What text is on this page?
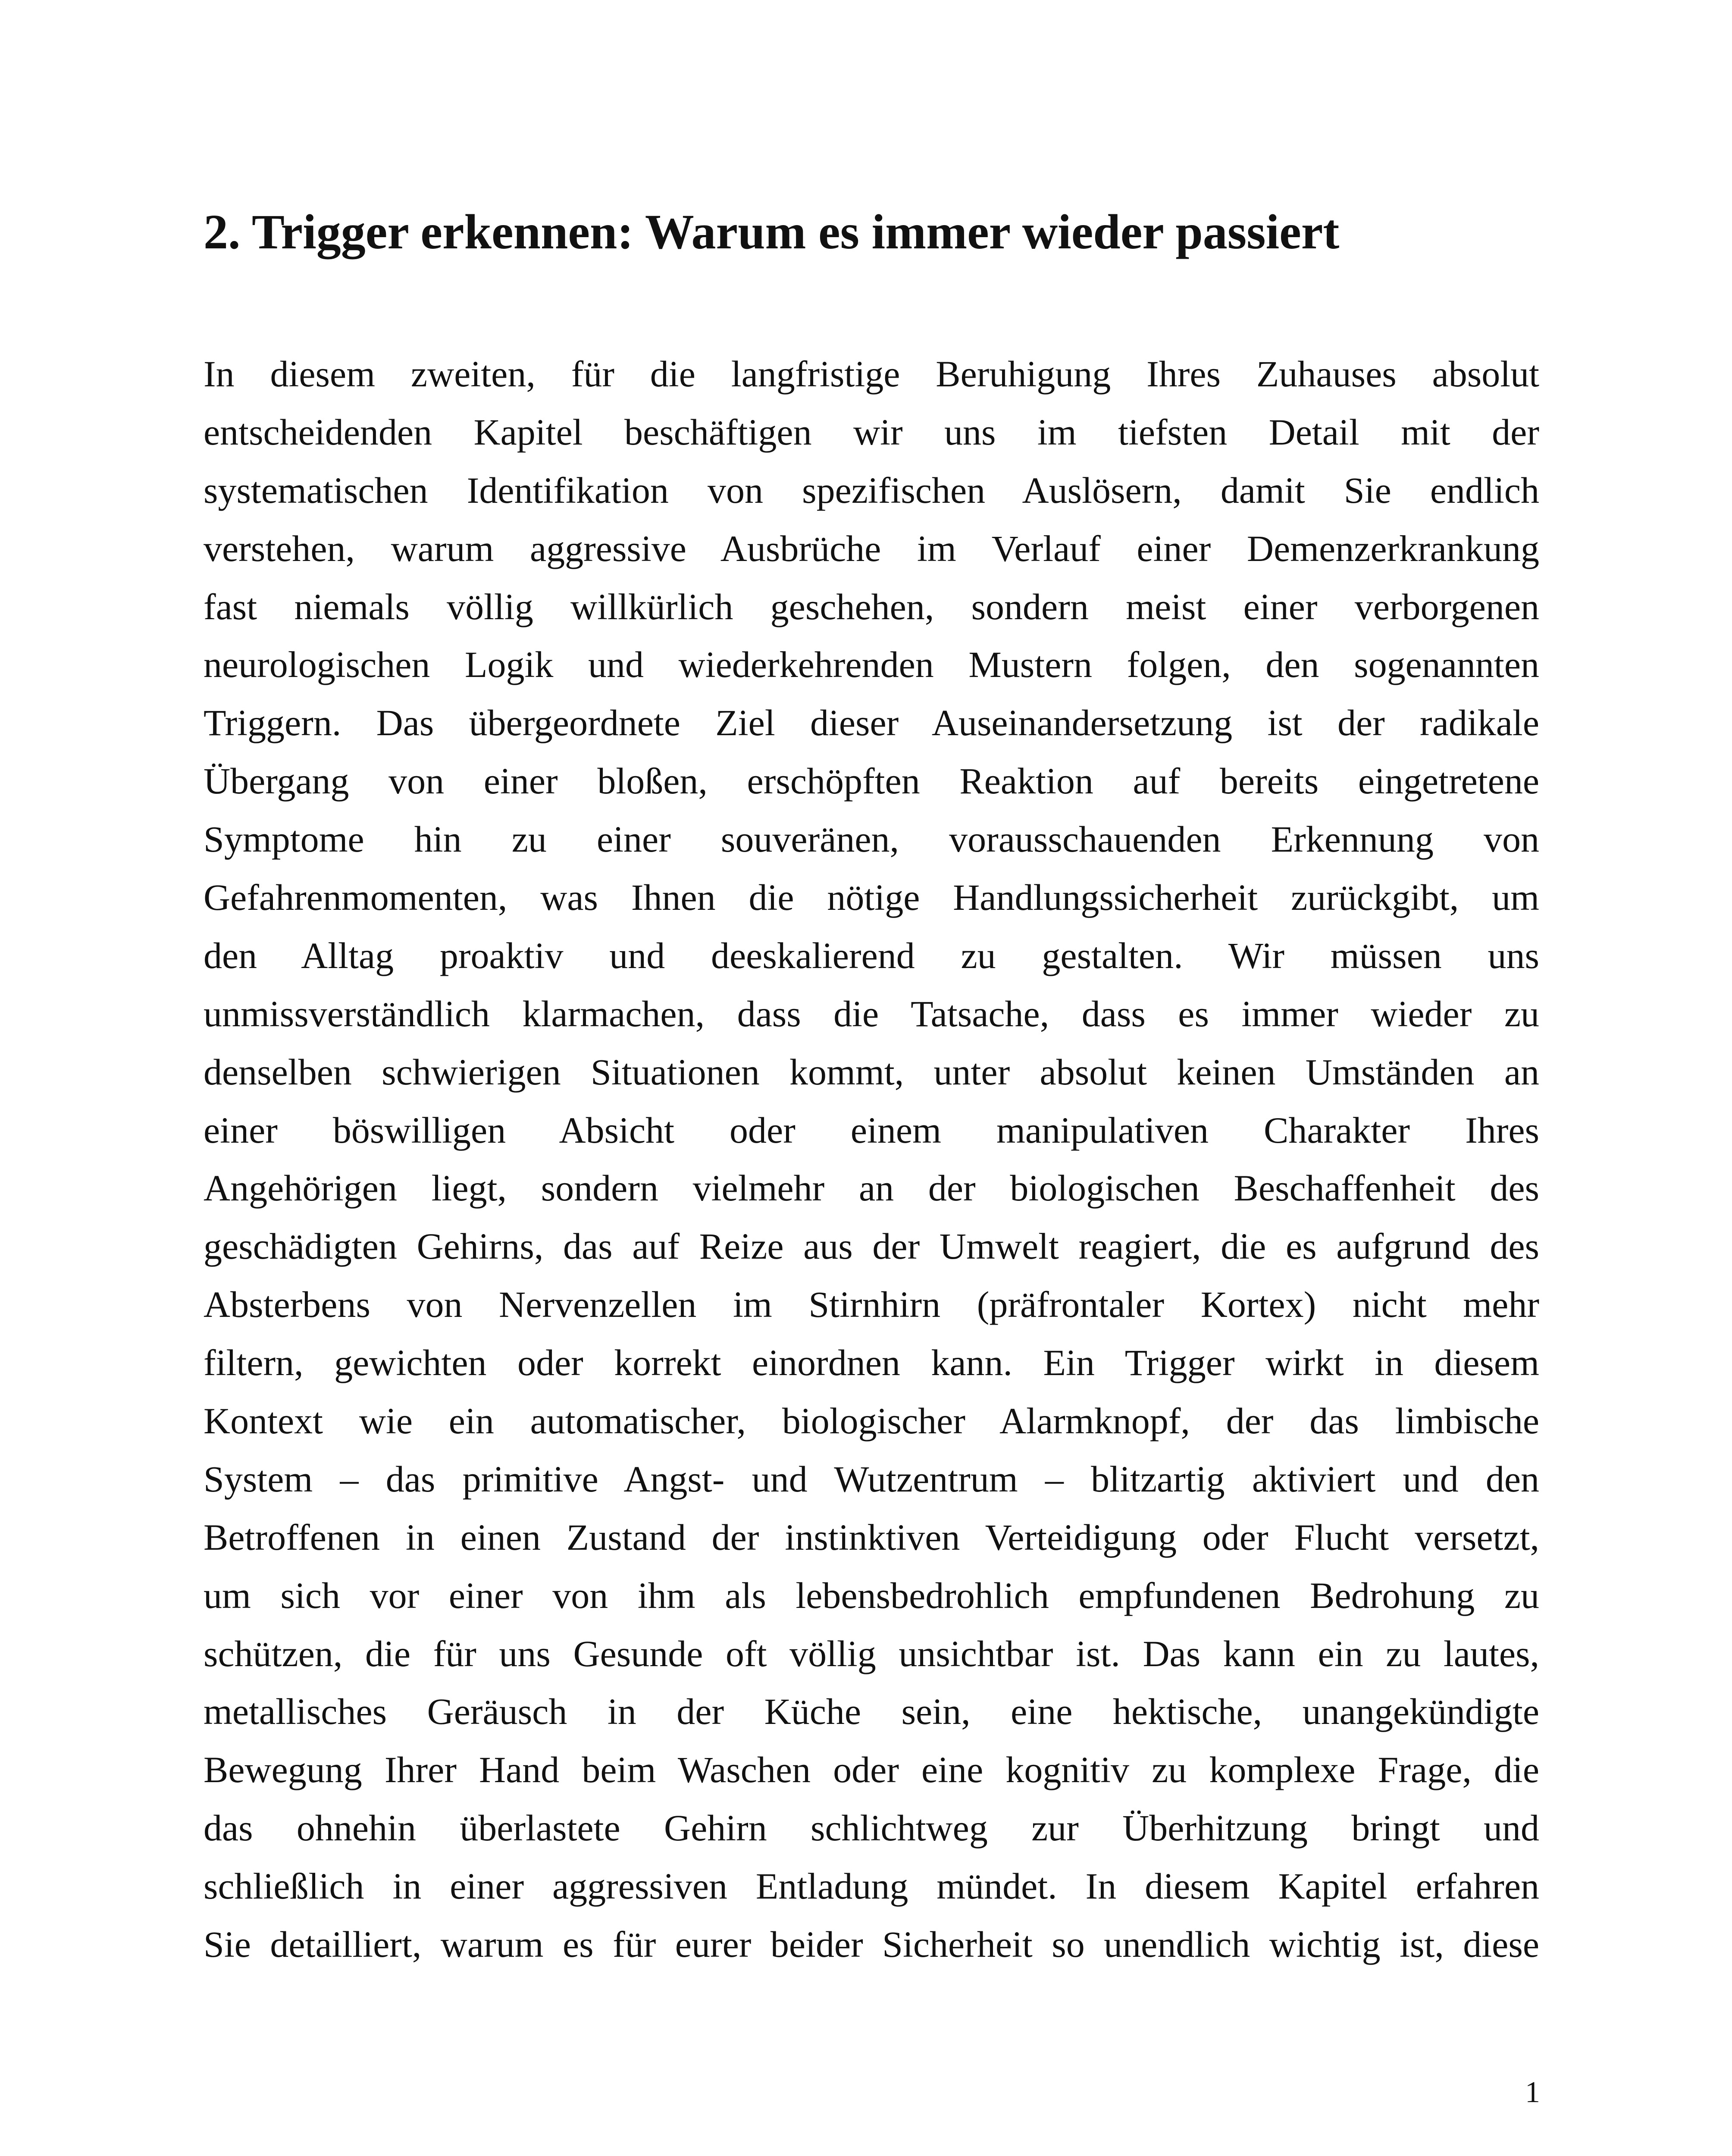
2. Trigger erkennen: Warum es immer wieder passiert
In diesem zweiten, für die langfristige Beruhigung Ihres Zuhauses absolut
entscheidenden Kapitel beschäftigen wir uns im tiefsten Detail mit der
systematischen Identifikation von spezifischen Auslösern, damit Sie endlich
verstehen, warum aggressive Ausbrüche im Verlauf einer Demenzerkrankung
fast niemals völlig willkürlich geschehen, sondern meist einer verborgenen
neurologischen Logik und wiederkehrenden Mustern folgen, den sogenannten
Triggern. Das übergeordnete Ziel dieser Auseinandersetzung ist der radikale
Übergang von einer bloßen, erschöpften Reaktion auf bereits eingetretene
Symptome hin zu einer souveränen, vorausschauenden Erkennung von
Gefahrenmomenten, was Ihnen die nötige Handlungssicherheit zurückgibt, um
den Alltag proaktiv und deeskalierend zu gestalten. Wir müssen uns
unmissverständlich klarmachen, dass die Tatsache, dass es immer wieder zu
denselben schwierigen Situationen kommt, unter absolut keinen Umständen an
einer böswilligen Absicht oder einem manipulativen Charakter Ihres
Angehörigen liegt, sondern vielmehr an der biologischen Beschaffenheit des
geschädigten Gehirns, das auf Reize aus der Umwelt reagiert, die es aufgrund des
Absterbens von Nervenzellen im Stirnhirn (präfrontaler Kortex) nicht mehr
filtern, gewichten oder korrekt einordnen kann. Ein Trigger wirkt in diesem
Kontext wie ein automatischer, biologischer Alarmknopf, der das limbische
System – das primitive Angst- und Wutzentrum – blitzartig aktiviert und den
Betroffenen in einen Zustand der instinktiven Verteidigung oder Flucht versetzt,
um sich vor einer von ihm als lebensbedrohlich empfundenen Bedrohung zu
schützen, die für uns Gesunde oft völlig unsichtbar ist. Das kann ein zu lautes,
metallisches Geräusch in der Küche sein, eine hektische, unangekündigte
Bewegung Ihrer Hand beim Waschen oder eine kognitiv zu komplexe Frage, die
das ohnehin überlastete Gehirn schlichtweg zur Überhitzung bringt und
schließlich in einer aggressiven Entladung mündet. In diesem Kapitel erfahren
Sie detailliert, warum es für eurer beider Sicherheit so unendlich wichtig ist, diese
1
